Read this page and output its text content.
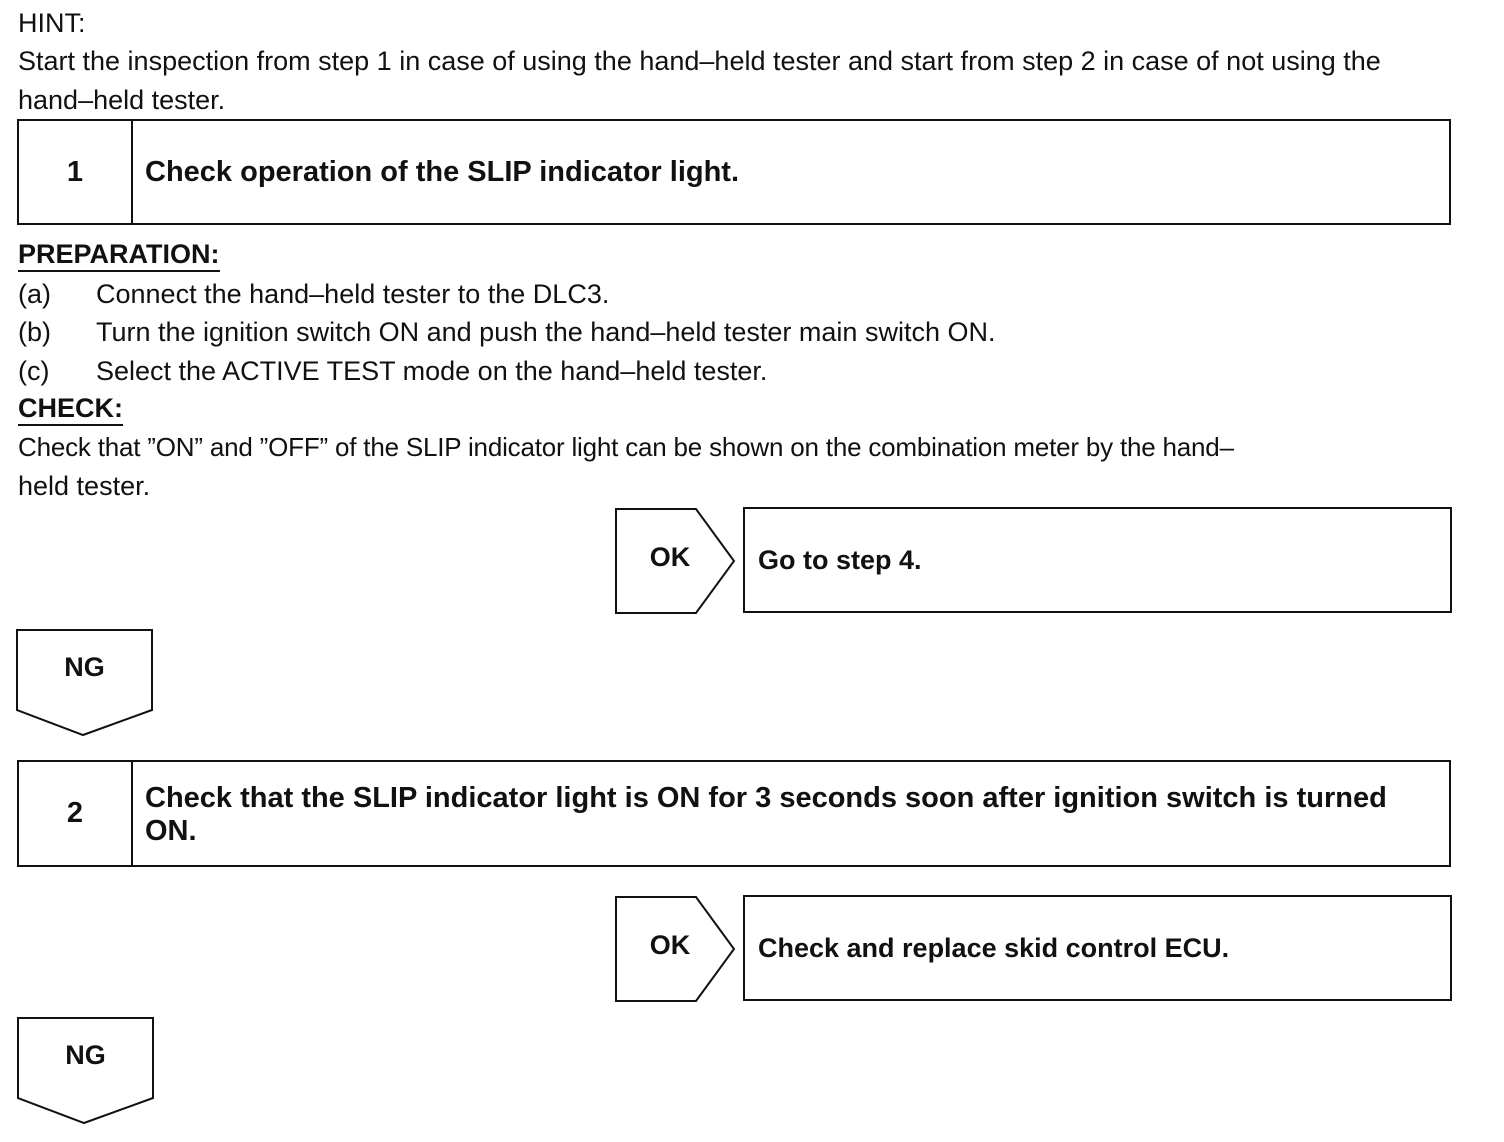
HINT:
Start the inspection from step 1 in case of using the hand–held tester and start from step 2 in case of not using the hand–held tester.
1	Check operation of the SLIP indicator light.
PREPARATION:
(a) Connect the hand–held tester to the DLC3.
(b) Turn the ignition switch ON and push the hand–held tester main switch ON.
(c) Select the ACTIVE TEST mode on the hand–held tester.
CHECK:
Check that ”ON” and ”OFF” of the SLIP indicator light can be shown on the combination meter by the hand–
held tester.
OK	Go to step 4.
NG
2	Check that the SLIP indicator light is ON for 3 seconds soon after ignition switch is turned ON.
OK	Check and replace skid control ECU.
NG
